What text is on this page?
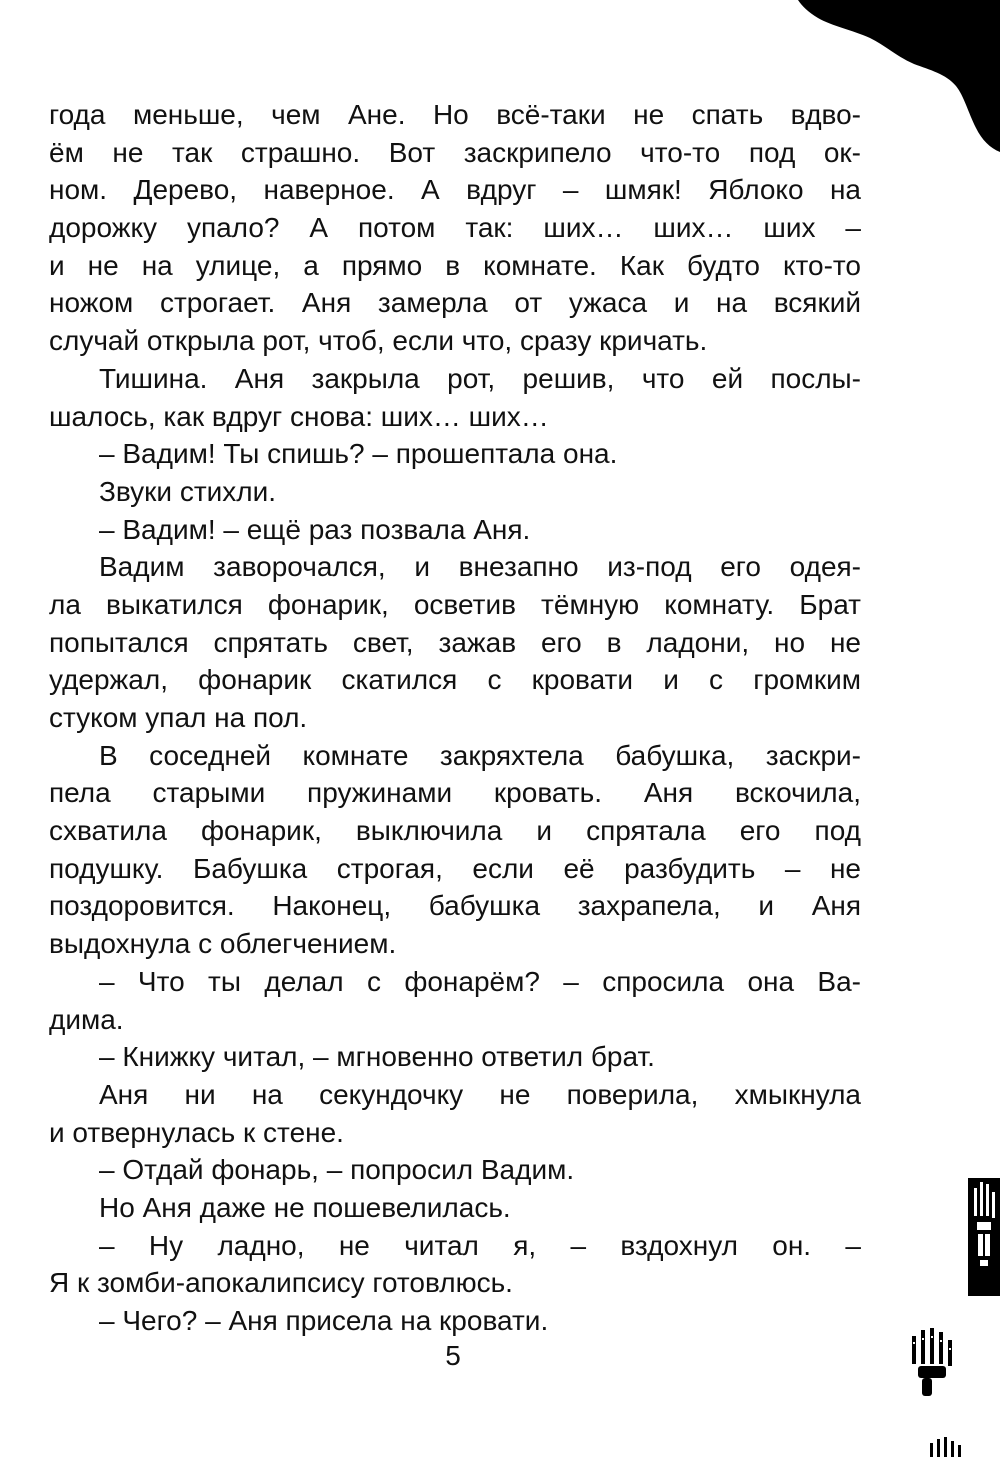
года меньше, чем Ане. Но всё-таки не спать вдво-
ём не так страшно. Вот заскрипело что-то под ок-
ном. Дерево, наверное. А вдруг – шмяк! Яблоко на
дорожку упало? А потом так: ших… ших… ших –
и не на улице, а прямо в комнате. Как будто кто-то
ножом строгает. Аня замерла от ужаса и на всякий
случай открыла рот, чтоб, если что, сразу кричать.
Тишина. Аня закрыла рот, решив, что ей послы-
шалось, как вдруг снова: ших… ших…
– Вадим! Ты спишь? – прошептала она.
Звуки стихли.
– Вадим! – ещё раз позвала Аня.
Вадим заворочался, и внезапно из-под его одея-
ла выкатился фонарик, осветив тёмную комнату. Брат
попытался спрятать свет, зажав его в ладони, но не
удержал, фонарик скатился с кровати и с громким
стуком упал на пол.
В соседней комнате закряхтела бабушка, заскри-
пела старыми пружинами кровать. Аня вскочила,
схватила фонарик, выключила и спрятала его под
подушку. Бабушка строгая, если её разбудить – не
поздоровится. Наконец, бабушка захрапела, и Аня
выдохнула с облегчением.
– Что ты делал с фонарём? – спросила она Ва-
дима.
– Книжку читал, – мгновенно ответил брат.
Аня ни на секундочку не поверила, хмыкнула
и отвернулась к стене.
– Отдай фонарь, – попросил Вадим.
Но Аня даже не пошевелилась.
– Ну ладно, не читал я, – вздохнул он. –
Я к зомби-апокалипсису готовлюсь.
– Чего? – Аня присела на кровати.
5
